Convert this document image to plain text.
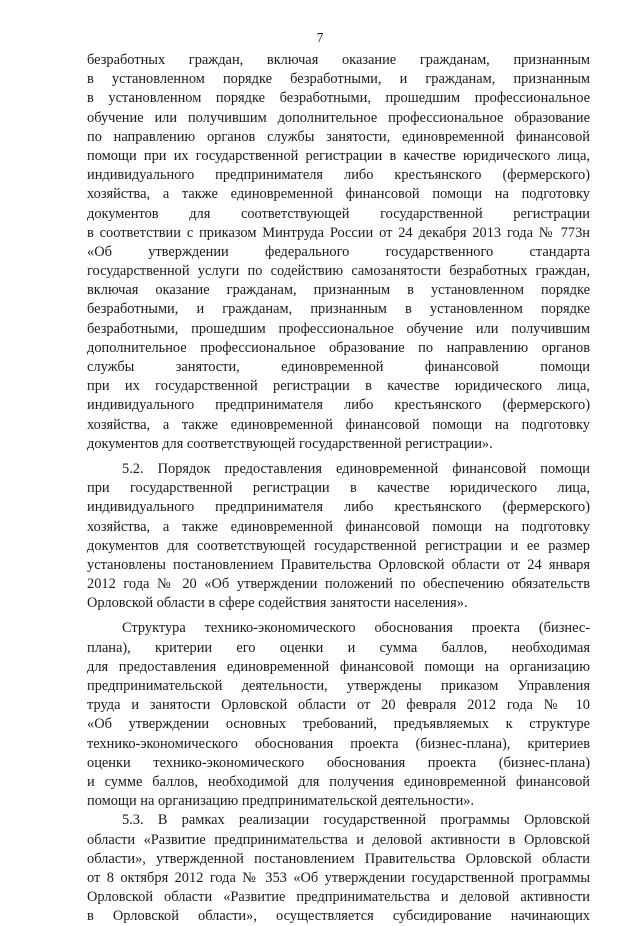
7
безработных граждан, включая оказание гражданам, признанным
в установленном порядке безработными, и гражданам, признанным
в установленном порядке безработными, прошедшим профессиональное
обучение или получившим дополнительное профессиональное образование
по направлению органов службы занятости, единовременной финансовой
помощи при их государственной регистрации в качестве юридического лица,
индивидуального предпринимателя либо крестьянского (фермерского)
хозяйства, а также единовременной финансовой помощи на подготовку
документов для соответствующей государственной регистрации
в соответствии с приказом Минтруда России от 24 декабря 2013 года № 773н
«Об утверждении федерального государственного стандарта
государственной услуги по содействию самозанятости безработных граждан,
включая оказание гражданам, признанным в установленном порядке
безработными, и гражданам, признанным в установленном порядке
безработными, прошедшим профессиональное обучение или получившим
дополнительное профессиональное образование по направлению органов
службы занятости, единовременной финансовой помощи
при их государственной регистрации в качестве юридического лица,
индивидуального предпринимателя либо крестьянского (фермерского)
хозяйства, а также единовременной финансовой помощи на подготовку
документов для соответствующей государственной регистрации».
5.2. Порядок предоставления единовременной финансовой помощи
при государственной регистрации в качестве юридического лица,
индивидуального предпринимателя либо крестьянского (фермерского)
хозяйства, а также единовременной финансовой помощи на подготовку
документов для соответствующей государственной регистрации и ее размер
установлены постановлением Правительства Орловской области от 24 января
2012 года № 20 «Об утверждении положений по обеспечению обязательств
Орловской области в сфере содействия занятости населения».
Структура технико-экономического обоснования проекта (бизнес-
плана), критерии его оценки и сумма баллов, необходимая
для предоставления единовременной финансовой помощи на организацию
предпринимательской деятельности, утверждены приказом Управления
труда и занятости Орловской области от 20 февраля 2012 года № 10
«Об утверждении основных требований, предъявляемых к структуре
технико-экономического обоснования проекта (бизнес-плана), критериев
оценки технико-экономического обоснования проекта (бизнес-плана)
и сумме баллов, необходимой для получения единовременной финансовой
помощи на организацию предпринимательской деятельности».
5.3. В рамках реализации государственной программы Орловской
области «Развитие предпринимательства и деловой активности в Орловской
области», утвержденной постановлением Правительства Орловской области
от 8 октября 2012 года № 353 «Об утверждении государственной программы
Орловской области «Развитие предпринимательства и деловой активности
в Орловской области», осуществляется субсидирование начинающих
